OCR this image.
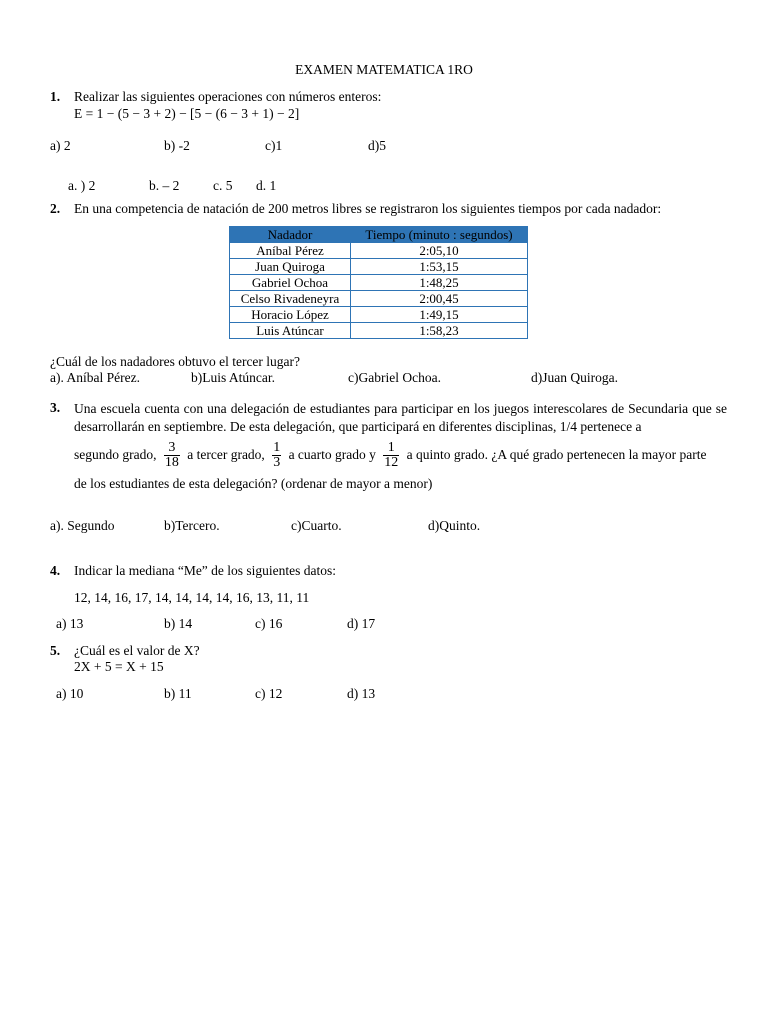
EXAMEN MATEMATICA 1RO
1. Realizar las siguientes operaciones con números enteros:
E = 1 − (5 − 3 + 2) − [5 − (6 − 3 + 1) − 2]
a) 2	b) -2	c)1	d)5
a. ) 2	b. – 2 c. 5 d. 1
2. En una competencia de natación de 200 metros libres se registraron los siguientes tiempos por cada nadador:
Nadador	Tiempo (minuto : segundos)
Aníbal Pérez	2:05,10
Juan Quiroga	1:53,15
Gabriel Ochoa	1:48,25
Celso Rivadeneyra	2:00,45
Horacio López	1:49,15
Luis Atúncar	1:58,23
¿Cuál de los nadadores obtuvo el tercer lugar?
a). Aníbal Pérez.	b)Luis Atúncar.	c)Gabriel Ochoa.	d)Juan Quiroga.
3. Una escuela cuenta con una delegación de estudiantes para participar en los juegos interescolares de Secundaria que se desarrollarán en septiembre. De esta delegación, que participará en diferentes disciplinas, 1/4 pertenece a
segundo grado, $\frac{3}{18}$ a tercer grado, $\frac{1}{3}$ a cuarto grado y $\frac{1}{12}$ a quinto grado. ¿A qué grado pertenecen la mayor parte
de los estudiantes de esta delegación? (ordenar de mayor a menor)
a). Segundo	b)Tercero.	c)Cuarto.	d)Quinto.
4. Indicar la mediana “Me” de los siguientes datos:
12, 14, 16, 17, 14, 14, 14, 14, 16, 13, 11, 11
a) 13	b) 14	c) 16	d) 17
5. ¿Cuál es el valor de X?
2X + 5 = X + 15
a) 10	b) 11	c) 12	d) 13
